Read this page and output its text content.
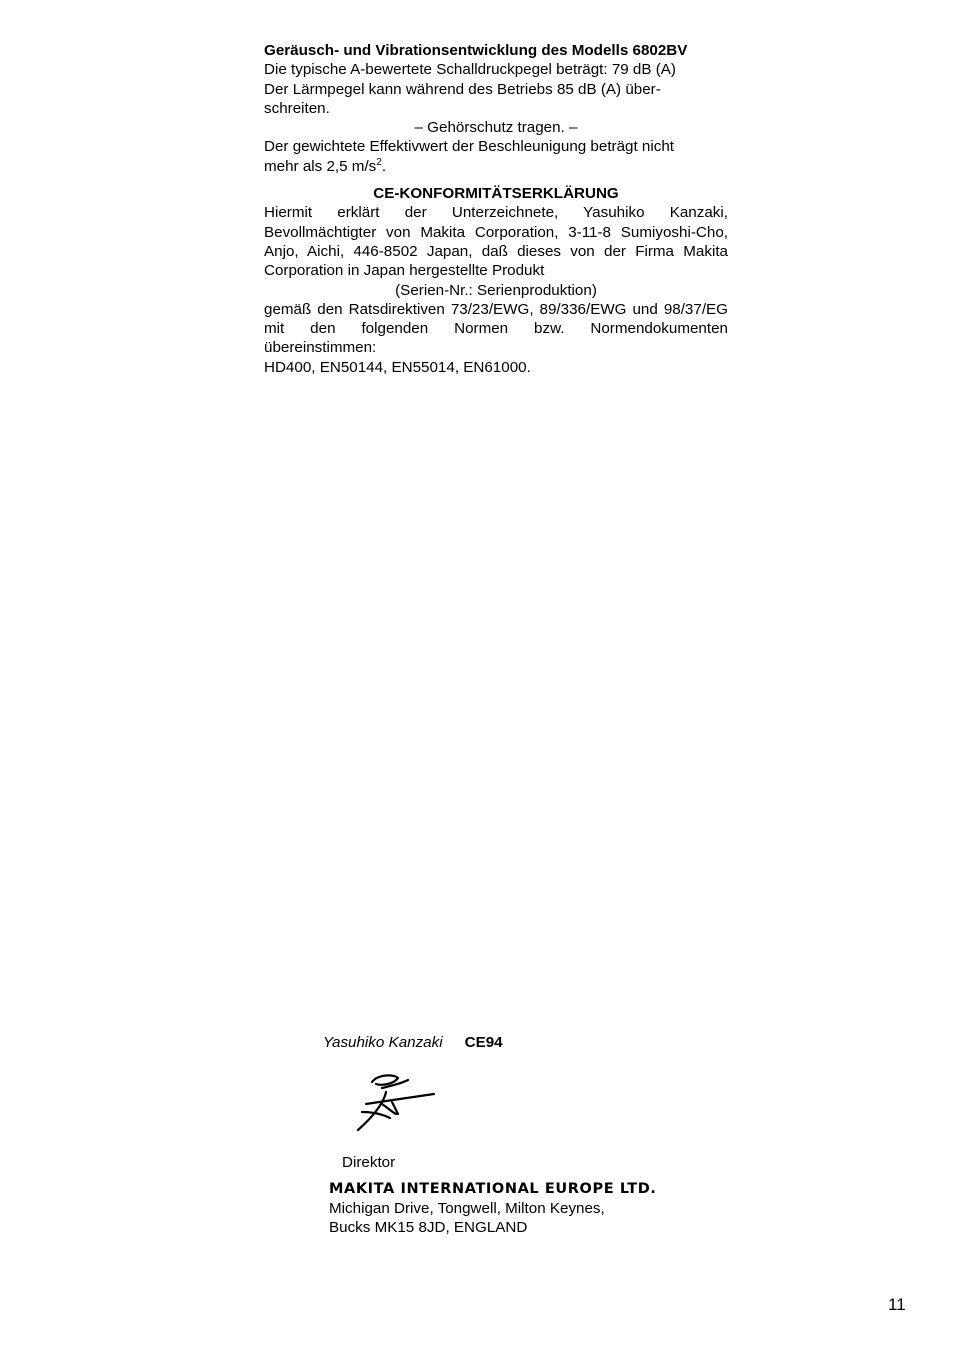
Geräusch- und Vibrationsentwicklung des Modells 6802BV

Die typische A-bewertete Schalldruckpegel beträgt: 79 dB (A)

Der Lärmpegel kann während des Betriebs 85 dB (A) über-

schreiten.

– Gehörschutz tragen. –

Der gewichtete Effektivwert der Beschleunigung beträgt nicht

mehr als 2,5 $m/s^2$.

CE-KONFORMITÄTSERKLÄRUNG

Hiermit erklärt der Unterzeichnete, Yasuhiko Kanzaki, Bevollmächtigter von Makita Corporation, 3-11-8 Sumiyoshi-Cho, Anjo, Aichi, 446-8502 Japan, daß dieses von der Firma Makita Corporation in Japan hergestellte Produkt

(Serien-Nr.: Serienproduktion)

gemäß den Ratsdirektiven 73/23/EWG, 89/336/EWG und 98/37/EG mit den folgenden Normen bzw. Normendokumenten übereinstimmen:

HD400, EN50144, EN55014, EN61000.

Yasuhiko Kanzaki CE94
Direktor
MAKITA INTERNATIONAL EUROPE LTD.
Michigan Drive, Tongwell, Milton Keynes,
Bucks MK15 8JD, ENGLAND
11
